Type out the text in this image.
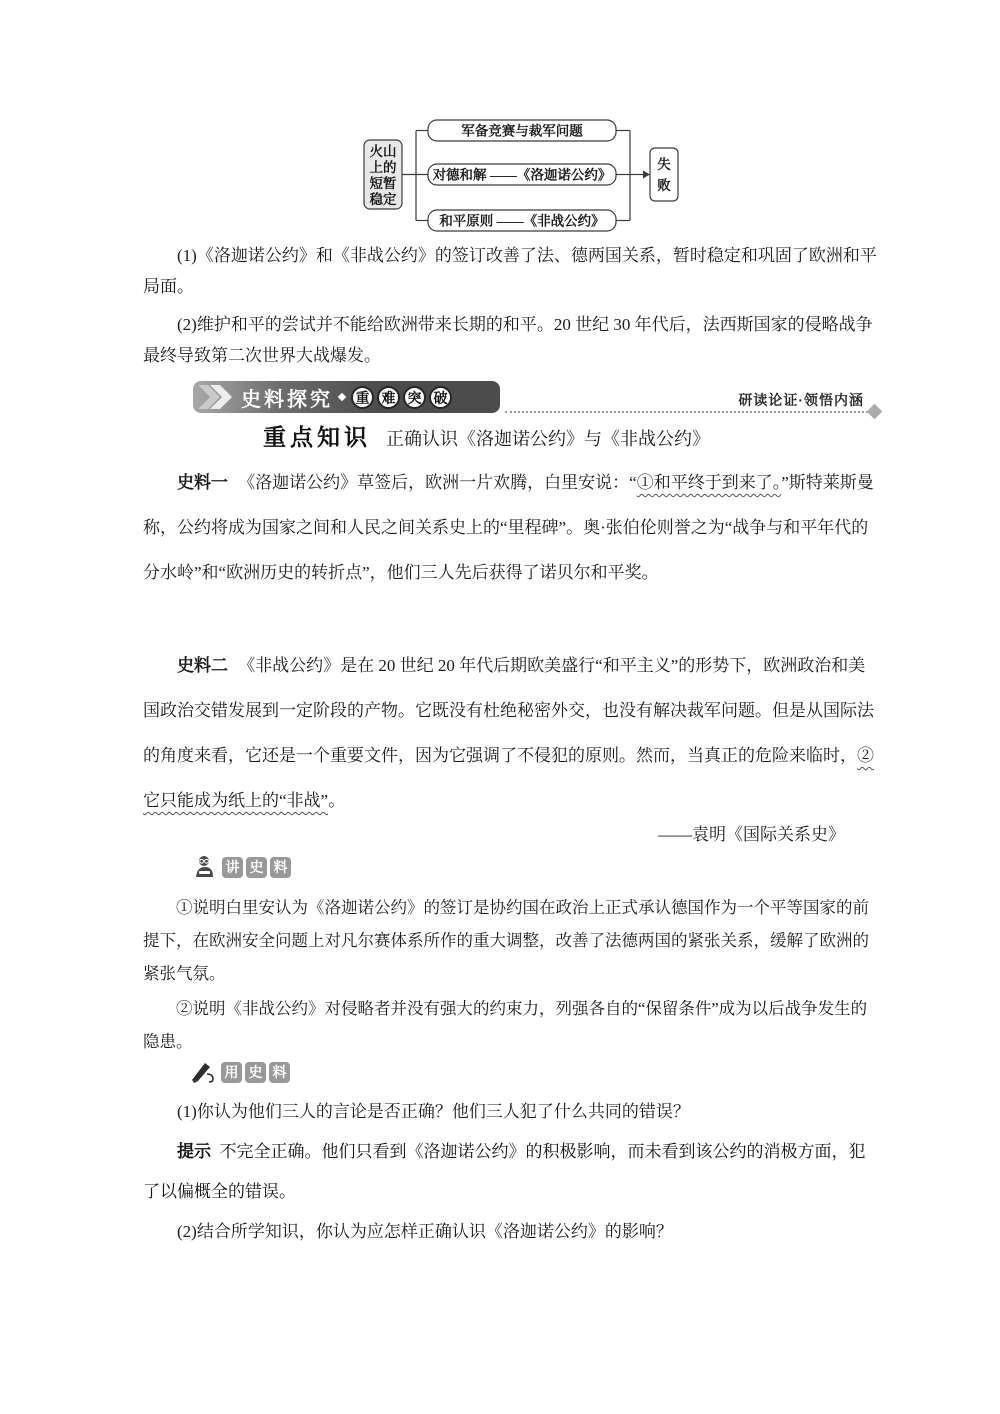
火山
上的
短暂
稳定
军备竞赛与裁军问题
对德和解 ——《洛迦诺公约》
和平原则 ——《非战公约》
失
败

(1)《洛迦诺公约》和《非战公约》的签订改善了法、德两国关系，暂时稳定和巩固了欧洲和平局面。

(2)维护和平的尝试并不能给欧洲带来长期的和平。20 世纪 30 年代后，法西斯国家的侵略战争最终导致第二次世界大战爆发。

史料探究	重 难 突 破	研读论证·领悟内涵
重点知识 正确认识《洛迦诺公约》与《非战公约》

史料一 《洛迦诺公约》草签后，欧洲一片欢腾，白里安说：“①和平终于到来了。”斯特莱斯曼称，公约将成为国家之间和人民之间关系史上的“里程碑”。奥·张伯伦则誉之为“战争与和平年代的分水岭”和“欧洲历史的转折点”，他们三人先后获得了诺贝尔和平奖。

史料二 《非战公约》是在 20 世纪 20 年代后期欧美盛行“和平主义”的形势下，欧洲政治和美国政治交错发展到一定阶段的产物。它既没有杜绝秘密外交，也没有解决裁军问题。但是从国际法的角度来看，它还是一个重要文件，因为它强调了不侵犯的原则。然而，当真正的危险来临时，②它只能成为纸上的“非战”。

——袁明《国际关系史》
讲 史 料

①说明白里安认为《洛迦诺公约》的签订是协约国在政治上正式承认德国作为一个平等国家的前提下，在欧洲安全问题上对凡尔赛体系所作的重大调整，改善了法德两国的紧张关系，缓解了欧洲的紧张气氛。

②说明《非战公约》对侵略者并没有强大的约束力，列强各自的“保留条件”成为以后战争发生的隐患。

用 史 料

(1)你认为他们三人的言论是否正确？他们三人犯了什么共同的错误？

提示 不完全正确。他们只看到《洛迦诺公约》的积极影响，而未看到该公约的消极方面，犯了以偏概全的错误。

(2)结合所学知识，你认为应怎样正确认识《洛迦诺公约》的影响？
